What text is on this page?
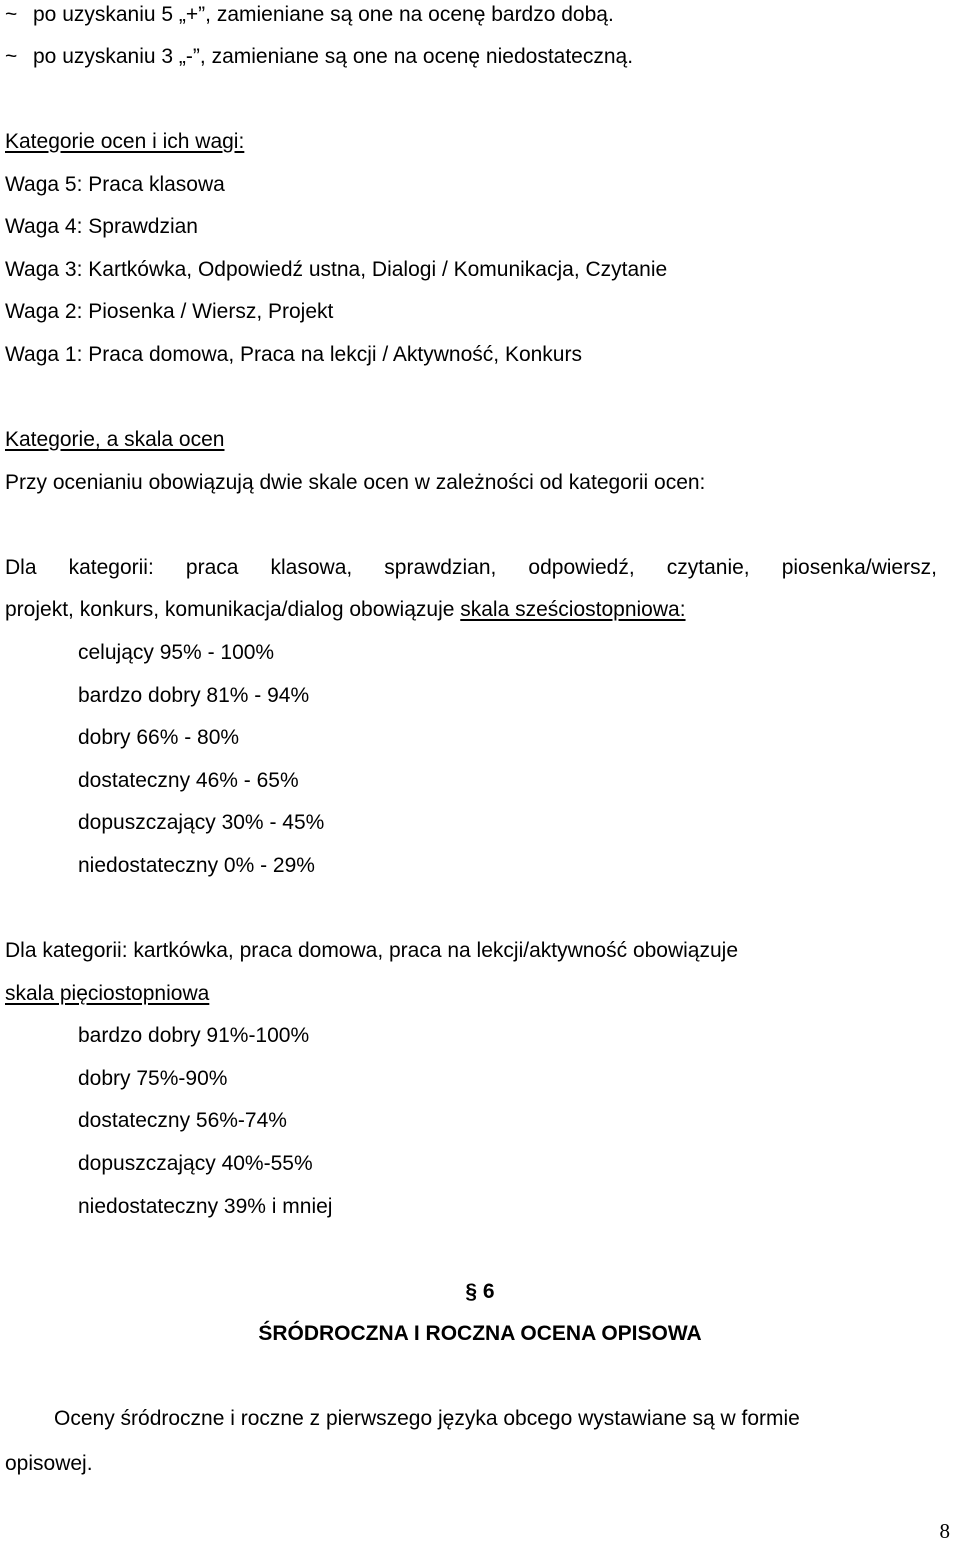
~ po uzyskaniu 5 „+”, zamieniane są one na ocenę bardzo dobą.
~ po uzyskaniu 3 „-”, zamieniane są one na ocenę niedostateczną.
Kategorie ocen i ich wagi:
Waga 5: Praca klasowa
Waga 4: Sprawdzian
Waga 3: Kartkówka, Odpowiedź ustna, Dialogi / Komunikacja, Czytanie
Waga 2: Piosenka / Wiersz, Projekt
Waga 1: Praca domowa, Praca na lekcji / Aktywność, Konkurs
Kategorie, a skala ocen
Przy ocenianiu obowiązują dwie skale ocen w zależności od kategorii ocen:
Dla kategorii: praca klasowa, sprawdzian, odpowiedź, czytanie, piosenka/wiersz,
projekt, konkurs, komunikacja/dialog obowiązuje skala sześciostopniowa:
celujący 95% - 100%
bardzo dobry 81% - 94%
dobry 66% - 80%
dostateczny 46% - 65%
dopuszczający 30% - 45%
niedostateczny 0% - 29%
Dla kategorii: kartkówka, praca domowa, praca na lekcji/aktywność obowiązuje
skala pięciostopniowa
bardzo dobry 91%-100%
dobry 75%-90%
dostateczny 56%-74%
dopuszczający 40%-55%
niedostateczny 39% i mniej
§ 6
ŚRÓDROCZNA I ROCZNA OCENA OPISOWA
Oceny śródroczne i roczne z pierwszego języka obcego wystawiane są w formie
opisowej.
8
